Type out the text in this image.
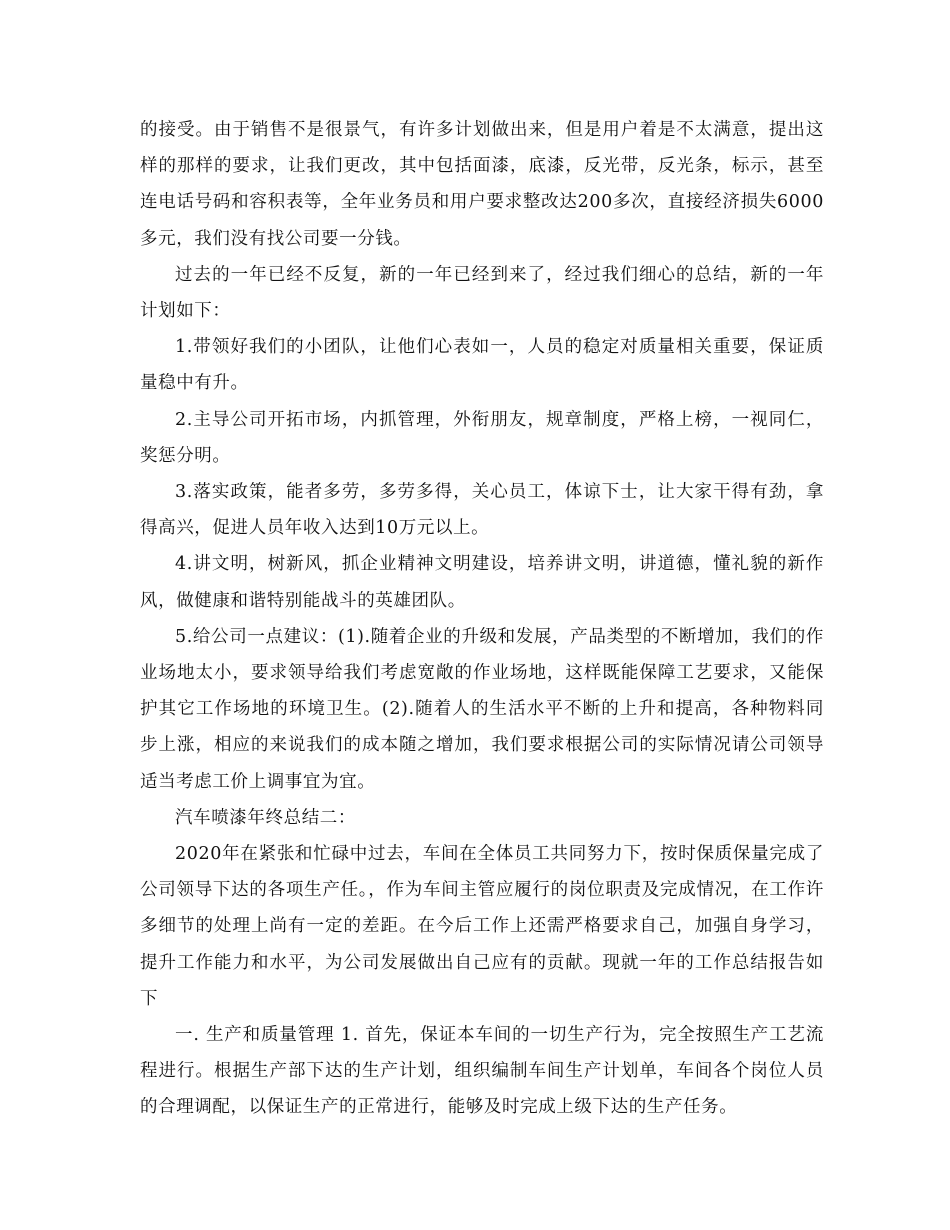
的接受。由于销售不是很景气，有许多计划做出来，但是用户着是不太满意，提出这样的那样的要求，让我们更改，其中包括面漆，底漆，反光带，反光条，标示，甚至连电话号码和容积表等，全年业务员和用户要求整改达200多次，直接经济损失6000多元，我们没有找公司要一分钱。

过去的一年已经不反复，新的一年已经到来了，经过我们细心的总结，新的一年计划如下：

1.带领好我们的小团队，让他们心表如一，人员的稳定对质量相关重要，保证质量稳中有升。

2.主导公司开拓市场，内抓管理，外衔朋友，规章制度，严格上榜，一视同仁，奖惩分明。

3.落实政策，能者多劳，多劳多得，关心员工，体谅下士，让大家干得有劲，拿得高兴，促进人员年收入达到10万元以上。

4.讲文明，树新风，抓企业精神文明建设，培养讲文明，讲道德，懂礼貌的新作风，做健康和谐特别能战斗的英雄团队。

5.给公司一点建议：(1).随着企业的升级和发展，产品类型的不断增加，我们的作业场地太小，要求领导给我们考虑宽敞的作业场地，这样既能保障工艺要求，又能保护其它工作场地的环境卫生。(2).随着人的生活水平不断的上升和提高，各种物料同步上涨，相应的来说我们的成本随之增加，我们要求根据公司的实际情况请公司领导适当考虑工价上调事宜为宜。

汽车喷漆年终总结二：

2020年在紧张和忙碌中过去，车间在全体员工共同努力下，按时保质保量完成了公司领导下达的各项生产任。，作为车间主管应履行的岗位职责及完成情况，在工作许多细节的处理上尚有一定的差距。在今后工作上还需严格要求自己，加强自身学习，提升工作能力和水平，为公司发展做出自己应有的贡献。现就一年的工作总结报告如下

一. 生产和质量管理 1. 首先，保证本车间的一切生产行为，完全按照生产工艺流程进行。根据生产部下达的生产计划，组织编制车间生产计划单，车间各个岗位人员的合理调配，以保证生产的正常进行，能够及时完成上级下达的生产任务。
